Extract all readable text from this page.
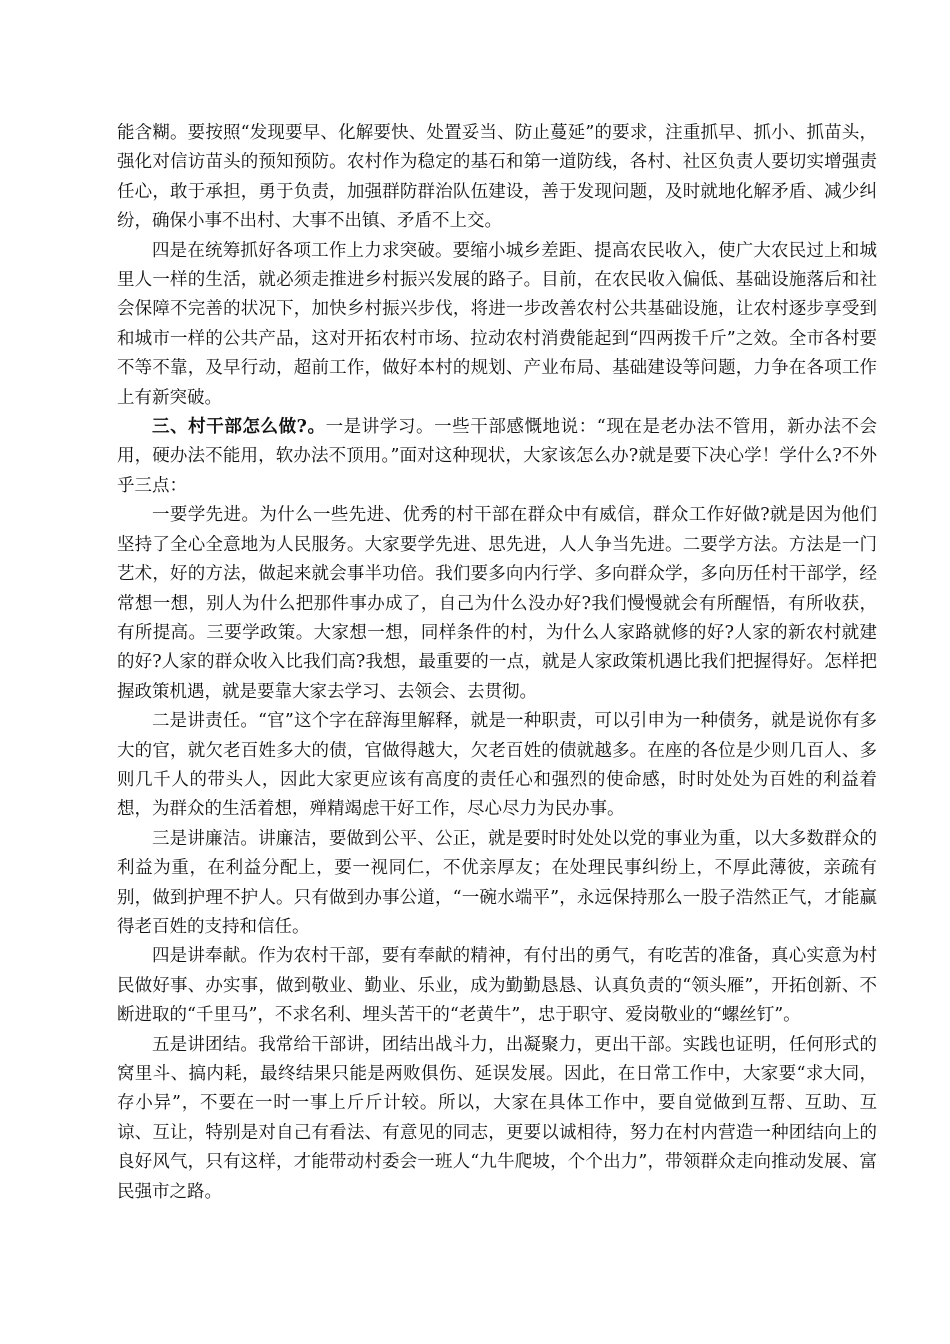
能含糊。要按照“发现要早、化解要快、处置妥当、防止蔓延”的要求，注重抓早、抓小、抓苗头，强化对信访苗头的预知预防。农村作为稳定的基石和第一道防线，各村、社区负责人要切实增强责任心，敢于承担，勇于负责，加强群防群治队伍建设，善于发现问题，及时就地化解矛盾、减少纠纷，确保小事不出村、大事不出镇、矛盾不上交。

四是在统筹抓好各项工作上力求突破。要缩小城乡差距、提高农民收入，使广大农民过上和城里人一样的生活，就必须走推进乡村振兴发展的路子。目前，在农民收入偏低、基础设施落后和社会保障不完善的状况下，加快乡村振兴步伐，将进一步改善农村公共基础设施，让农村逐步享受到和城市一样的公共产品，这对开拓农村市场、拉动农村消费能起到“四两拨千斤”之效。全市各村要不等不靠，及早行动，超前工作，做好本村的规划、产业布局、基础建设等问题，力争在各项工作上有新突破。

三、村干部怎么做?。一是讲学习。一些干部感慨地说：“现在是老办法不管用，新办法不会用，硬办法不能用，软办法不顶用。”面对这种现状，大家该怎么办?就是要下决心学！学什么?不外乎三点：

一要学先进。为什么一些先进、优秀的村干部在群众中有威信，群众工作好做?就是因为他们坚持了全心全意地为人民服务。大家要学先进、思先进，人人争当先进。二要学方法。方法是一门艺术，好的方法，做起来就会事半功倍。我们要多向内行学、多向群众学，多向历任村干部学，经常想一想，别人为什么把那件事办成了，自己为什么没办好?我们慢慢就会有所醒悟，有所收获，有所提高。三要学政策。大家想一想，同样条件的村，为什么人家路就修的好?人家的新农村就建的好?人家的群众收入比我们高?我想，最重要的一点，就是人家政策机遇比我们把握得好。怎样把握政策机遇，就是要靠大家去学习、去领会、去贯彻。

二是讲责任。“官”这个字在辞海里解释，就是一种职责，可以引申为一种债务，就是说你有多大的官，就欠老百姓多大的债，官做得越大，欠老百姓的债就越多。在座的各位是少则几百人、多则几千人的带头人，因此大家更应该有高度的责任心和强烈的使命感，时时处处为百姓的利益着想，为群众的生活着想，殚精竭虑干好工作，尽心尽力为民办事。

三是讲廉洁。讲廉洁，要做到公平、公正，就是要时时处处以党的事业为重，以大多数群众的利益为重，在利益分配上，要一视同仁，不优亲厚友；在处理民事纠纷上，不厚此薄彼，亲疏有别，做到护理不护人。只有做到办事公道，“一碗水端平”，永远保持那么一股子浩然正气，才能赢得老百姓的支持和信任。

四是讲奉献。作为农村干部，要有奉献的精神，有付出的勇气，有吃苦的准备，真心实意为村民做好事、办实事，做到敬业、勤业、乐业，成为勤勤恳恳、认真负责的“领头雁”，开拓创新、不断进取的“千里马”，不求名利、埋头苦干的“老黄牛”，忠于职守、爱岗敬业的“螺丝钉”。

五是讲团结。我常给干部讲，团结出战斗力，出凝聚力，更出干部。实践也证明，任何形式的窝里斗、搞内耗，最终结果只能是两败俱伤、延误发展。因此，在日常工作中，大家要“求大同，存小异”，不要在一时一事上斤斤计较。所以，大家在具体工作中，要自觉做到互帮、互助、互谅、互让，特别是对自己有看法、有意见的同志，更要以诚相待，努力在村内营造一种团结向上的良好风气，只有这样，才能带动村委会一班人“九牛爬坡，个个出力”，带领群众走向推动发展、富民强市之路。
